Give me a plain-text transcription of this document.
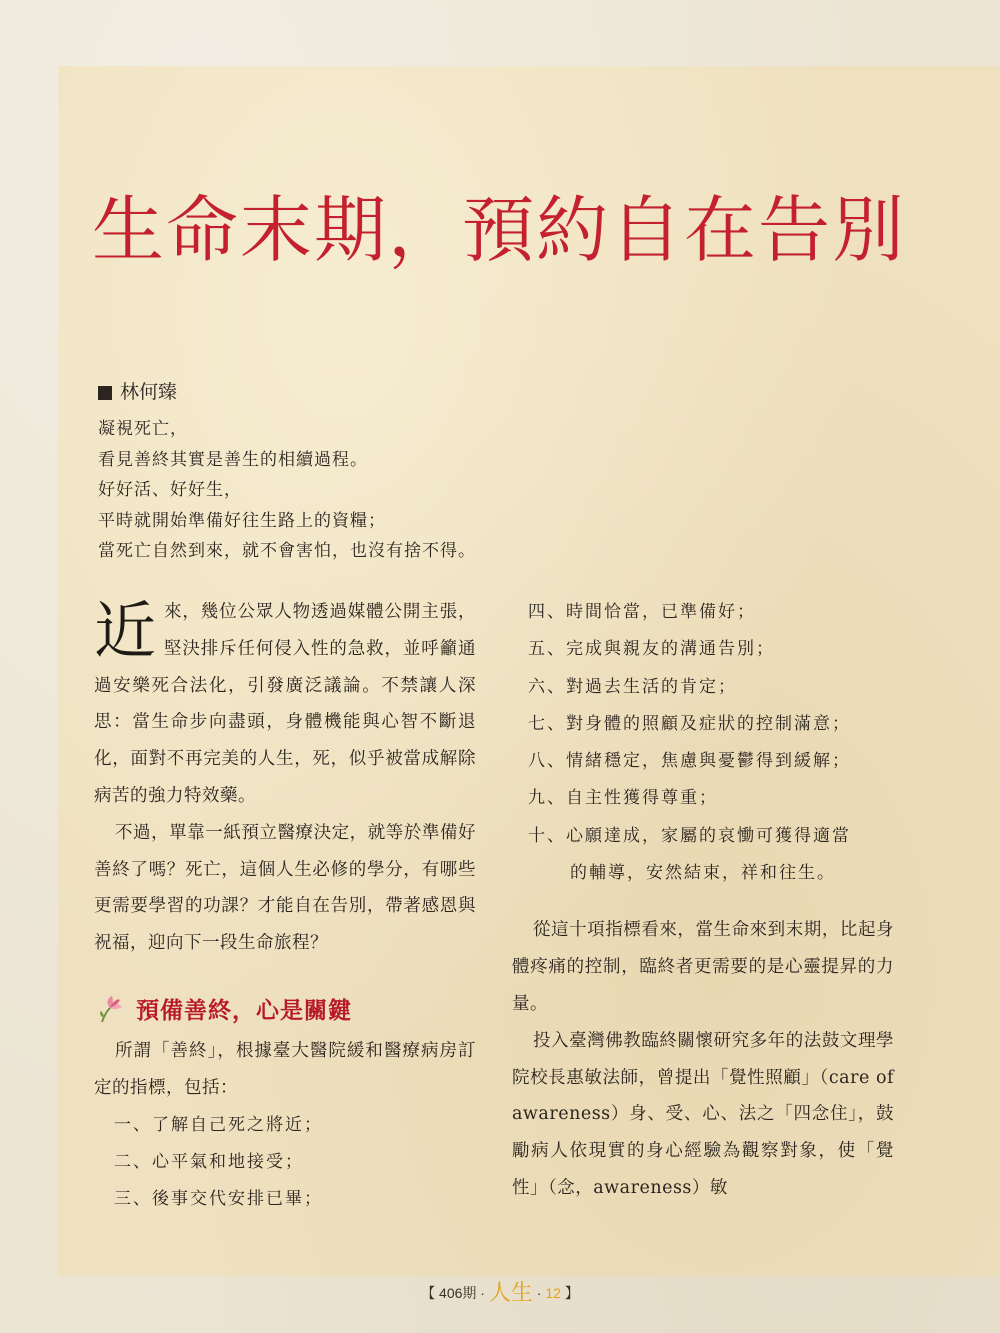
生命末期，預約自在告別
林何臻
凝視死亡，
看見善終其實是善生的相續過程。
好好活、好好生，
平時就開始準備好往生路上的資糧；
當死亡自然到來，就不會害怕，也沒有捨不得。
近 來，幾位公眾人物透過媒體公開主張，堅決排斥任何侵入性的急救，並呼籲通過安樂死合法化，引發廣泛議論。不禁讓人深思：當生命步向盡頭，身體機能與心智不斷退化，面對不再完美的人生，死，似乎被當成解除病苦的強力特效藥。

不過，單靠一紙預立醫療決定，就等於準備好善終了嗎？死亡，這個人生必修的學分，有哪些更需要學習的功課？才能自在告別，帶著感恩與祝福，迎向下一段生命旅程？

預備善終，心是關鍵

所謂「善終」，根據臺大醫院緩和醫療病房訂定的指標，包括：

一、了解自己死之將近；
二、心平氣和地接受；
三、後事交代安排已畢；
四、時間恰當，已準備好；
五、完成與親友的溝通告別；
六、對過去生活的肯定；
七、對身體的照顧及症狀的控制滿意；
八、情緒穩定，焦慮與憂鬱得到緩解；
九、自主性獲得尊重；
十、心願達成，家屬的哀慟可獲得適當
的輔導，安然結束，祥和往生。

從這十項指標看來，當生命來到末期，比起身體疼痛的控制，臨終者更需要的是心靈提昇的力量。

投入臺灣佛教臨終關懷研究多年的法鼓文理學院校長惠敏法師，曾提出「覺性照顧」（care of awareness）身、受、心、法之「四念住」，鼓勵病人依現實的身心經驗為觀察對象，使「覺性」（念，awareness）敏

【 406期 · 人生 · 12 】
